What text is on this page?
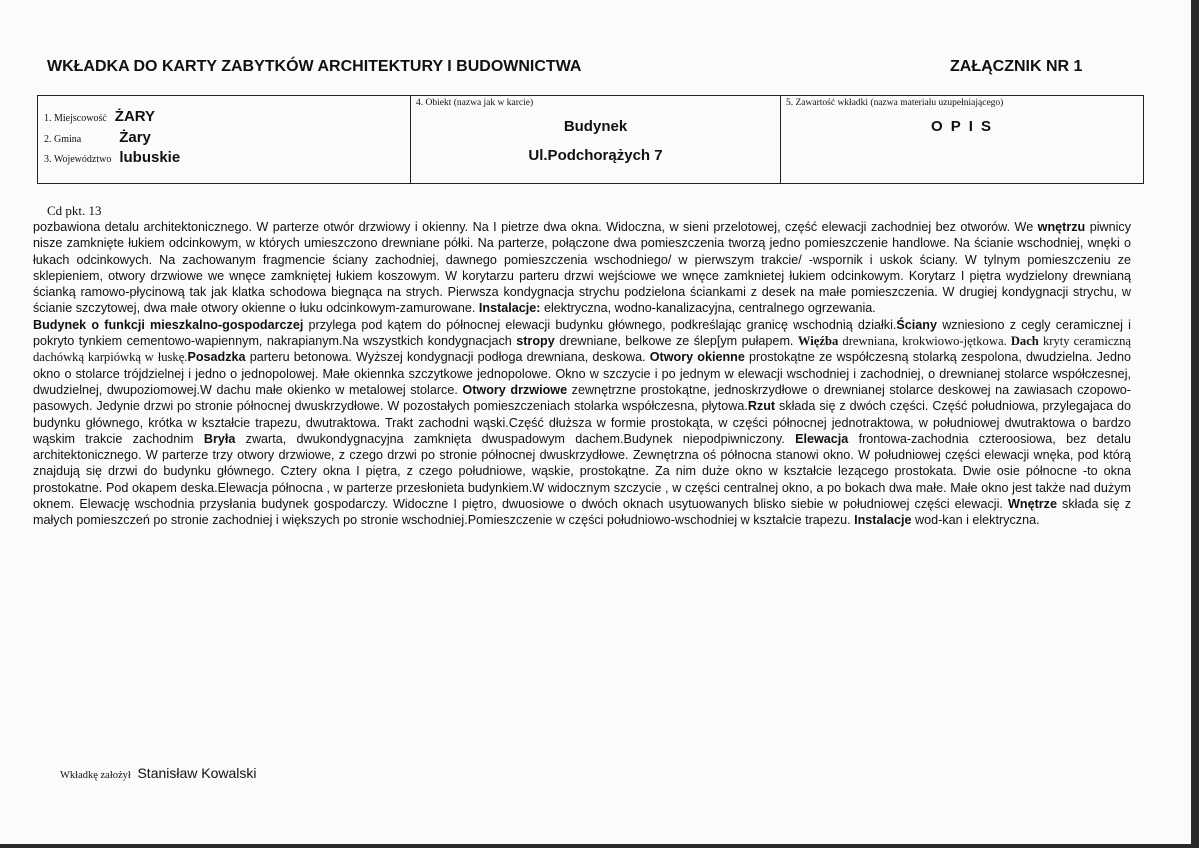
WKŁADKA DO KARTY ZABYTKÓW ARCHITEKTURY I BUDOWNICTWA	ZAŁĄCZNIK NR 1
1. Miejscowość ŻARY
2. Gmina	Żary
3. Województwo lubuskie

4. Obiekt (nazwa jak w karcie)
Budynek
Ul.Podchorążych 7

5. Zawartość wkładki (nazwa materiału uzupełniającego)
O P I S
Cd pkt. 13

pozbawiona detalu architektonicznego. W parterze otwór drzwiowy i okienny. Na I pietrze dwa okna. Widoczna, w sieni przelotowej, część elewacji zachodniej bez otworów. We wnętrzu piwnicy nisze zamknięte łukiem odcinkowym, w których umieszczono drewniane półki. Na parterze, połączone dwa pomieszczenia tworzą jedno pomieszczenie handlowe. Na ścianie wschodniej, wnęki o łukach odcinkowych. Na zachowanym fragmencie ściany zachodniej, dawnego pomieszczenia wschodniego/ w pierwszym trakcie/ -wspornik i uskok ściany. W tylnym pomieszczeniu ze sklepieniem, otwory drzwiowe we wnęce zamkniętej łukiem koszowym. W korytarzu parteru drzwi wejściowe we wnęce zamknietej łukiem odcinkowym. Korytarz I piętra wydzielony drewnianą ścianką ramowo-płycinową tak jak klatka schodowa biegnąca na strych. Pierwsza kondygnacja strychu podzielona ściankami z desek na małe pomieszczenia. W drugiej kondygnacji strychu, w ścianie szczytowej, dwa małe otwory okienne o łuku odcinkowym-zamurowane. Instalacje: elektryczna, wodno-kanalizacyjna, centralnego ogrzewania.

Budynek o funkcji mieszkalno-gospodarczej przylega pod kątem do północnej elewacji budynku głównego, podkreślając granicę wschodnią działki.Ściany wzniesiono z cegly ceramicznej i pokryto tynkiem cementowo-wapiennym, nakrapianym.Na wszystkich kondygnacjach stropy drewniane, belkowe ze ślep[ym pułapem. Więźba drewniana, krokwiowo-jętkowa. Dach kryty ceramiczną dachówką karpiówką w łuskę.Posadzka parteru betonowa. Wyższej kondygnacji podłoga drewniana, deskowa. Otwory okienne prostokątne ze współczesną stolarką zespolona, dwudzielna. Jedno okno o stolarce trójdzielnej i jedno o jednopolowej. Małe okiennka szczytkowe jednopolowe. Okno w szczycie i po jednym w elewacji wschodniej i zachodniej, o drewnianej stolarce współczesnej, dwudzielnej, dwupoziomowej.W dachu małe okienko w metalowej stolarce. Otwory drzwiowe zewnętrzne prostokątne, jednoskrzydłowe o drewnianej stolarce deskowej na zawiasach czopowo-pasowych. Jedynie drzwi po stronie północnej dwuskrzydłowe. W pozostałych pomieszczeniach stolarka współczesna, płytowa.Rzut składa się z dwóch części. Część południowa, przylegajaca do budynku głównego, krótka w kształcie trapezu, dwutraktowa. Trakt zachodni wąski.Część dłuższa w formie prostokąta, w części północnej jednotraktowa, w południowej dwutraktowa o bardzo wąskim trakcie zachodnim Bryła zwarta, dwukondygnacyjna zamknięta dwuspadowym dachem.Budynek niepodpiwniczony. Elewacja frontowa-zachodnia czteroosiowa, bez detalu architektonicznego. W parterze trzy otwory drzwiowe, z czego drzwi po stronie północnej dwuskrzydłowe. Zewnętrzna oś północna stanowi okno. W południowej części elewacji wnęka, pod którą znajdują się drzwi do budynku głównego. Cztery okna I piętra, z czego południowe, wąskie, prostokątne. Za nim duże okno w kształcie lezącego prostokata. Dwie osie północne -to okna prostokatne. Pod okapem deska.Elewacja północna , w parterze przesłonieta budynkiem.W widocznym szczycie , w części centralnej okno, a po bokach dwa małe. Małe okno jest także nad dużym oknem. Elewację wschodnia przysłania budynek gospodarczy. Widoczne I piętro, dwuosiowe o dwóch oknach usytuowanych blisko siebie w południowej części elewacji. Wnętrze składa się z małych pomieszczeń po stronie zachodniej i większych po stronie wschodniej.Pomieszczenie w części południowo-wschodniej w kształcie trapezu. Instalacje wod-kan i elektryczna.

Wkładkę założył Stanisław Kowalski
